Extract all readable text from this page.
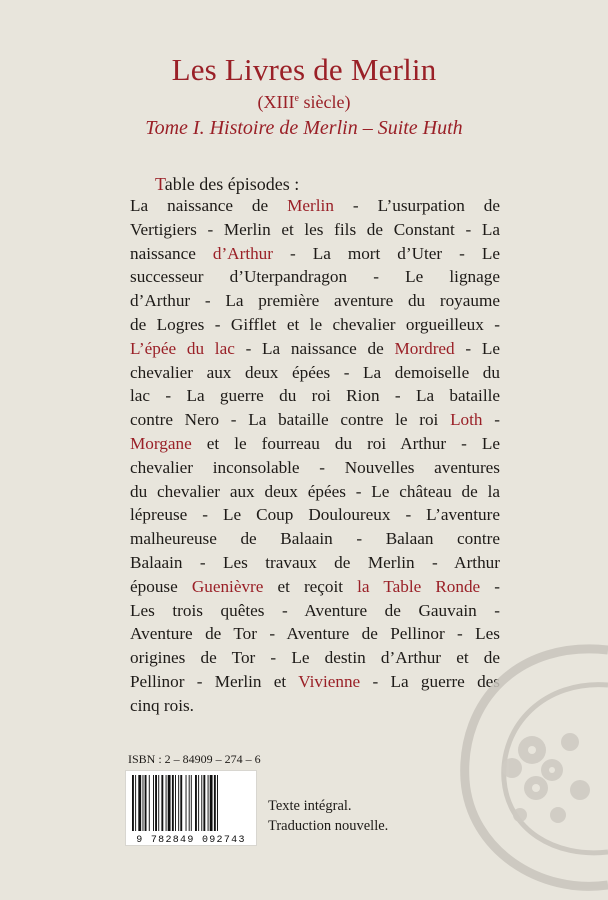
Les Livres de Merlin
(XIIIe siècle)
Tome I. Histoire de Merlin – Suite Huth
Table des épisodes :
La naissance de Merlin - L’usurpation de
Vertigiers - Merlin et les fils de Constant - La
naissance d’Arthur - La mort d’Uter - Le
successeur d’Uterpandragon - Le lignage
d’Arthur - La première aventure du royaume
de Logres - Gifflet et le chevalier orgueilleux -
L’épée du lac - La naissance de Mordred - Le
chevalier aux deux épées - La demoiselle du
lac - La guerre du roi Rion - La bataille
contre Nero - La bataille contre le roi Loth -
Morgane et le fourreau du roi Arthur - Le
chevalier inconsolable - Nouvelles aventures
du chevalier aux deux épées - Le château de la
lépreuse - Le Coup Douloureux - L’aventure
malheureuse de Balaain - Balaan contre
Balaain - Les travaux de Merlin - Arthur
épouse Guenièvre et reçoit la Table Ronde -
Les trois quêtes - Aventure de Gauvain -
Aventure de Tor - Aventure de Pellinor - Les
origines de Tor - Le destin d’Arthur et de
Pellinor - Merlin et Vivienne - La guerre des
cinq rois.
ISBN : 2 – 84909 – 274 – 6
9 782849 092743
Texte intégral.
Traduction nouvelle.
